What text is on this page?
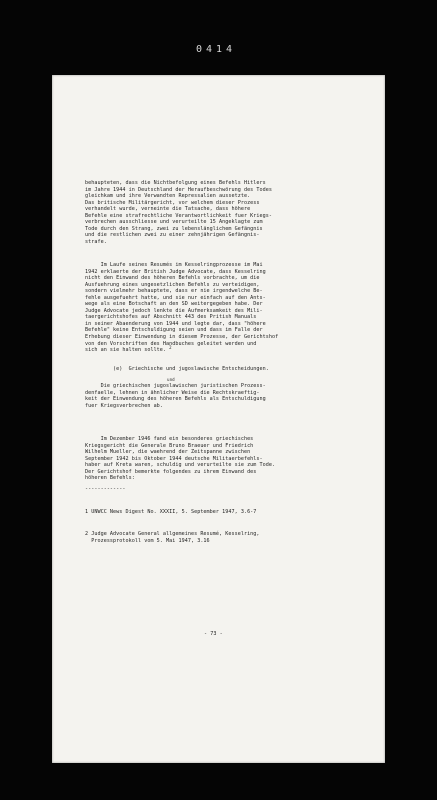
0414

behaupteten, dass die Nichtbefolgung eines Befehls Hitlers
im Jahre 1944 in Deutschland der Heraufbeschwörung des Todes
gleichkam und ihre Verwandten Repressalien aussetzte.
Das britische Militärgericht, vor welchem dieser Prozess
verhandelt wurde, verneinte die Tatsache, dass höhere
Befehle eine strafrechtliche Verantwortlichkeit fuer Kriegs-
verbrechen ausschliesse und verurteilte 15 Angeklagte zum
Tode durch den Strang, zwei zu lebenslänglichem Gefängnis
und die restlichen zwei zu einer zehnjährigen Gefängnis-
strafe.

Im Laufe seines Resumés im Kesselringprozesse im Mai
1942 erklaerte der British Judge Advocate, dass Kesselring
nicht den Einwand des höheren Befehls vorbrachte, um die
Ausfuehrung eines ungesetzlichen Befehls zu verteidigen,
sondern vielmehr behauptete, dass er nie irgendwelche Be-
fehle ausgefuehrt hatte, und sie nur einfach auf den Ants-
wege als eine Botschaft an den SD weitergegeben habe. Der
Judge Advocate jedoch lenkte die Aufmerksamkeit des Mili-
taergerichtshofes auf Abschnitt 443 des Pritish Manuals
in seiner Abaenderung von 1944 und legte dar, dass "höhere
Befehle" keine Entschuldigung seien und dass im Falle der
Erhebung dieser Einwendung in diesem Prozesse, der Gerichtshof
von den Vorschriften des Handbuches geleitet werden und
sich an sie halten sollte. $^2$

(e)  Griechische und jugoslawische Entscheidungen.

und

Die griechischen jugoslawischen juristischen Prozess-
denfaelle, lehnen in ähnlicher Weise die Rechtskraeftig-
keit der Einwendung des höheren Befehls als Entschuldigung
fuer Kriegsverbrechen ab.

Im Dezember 1946 fand ein besonderes griechisches
Kriegsgericht die Generale Bruno Braeuer und Friedrich
Wilhelm Mueller, die waehrend der Zeitspanne zwischen
September 1942 bis Oktober 1944 deutsche Militaerbefehls-
haber auf Kreta waren, schuldig und verurteilte sie zum Tode.
Der Gerichtshof bemerkte folgendes zu ihrem Einwand des
höheren Befehls:

-------------

1 UNWCC News Digest No. XXXII, 5. September 1947, 3.6-7

2 Judge Advocate General allgemeines Resumé, Kesselring,
Prozessprotokoll vom 5. Mai 1947, 3.16

- 73 -
